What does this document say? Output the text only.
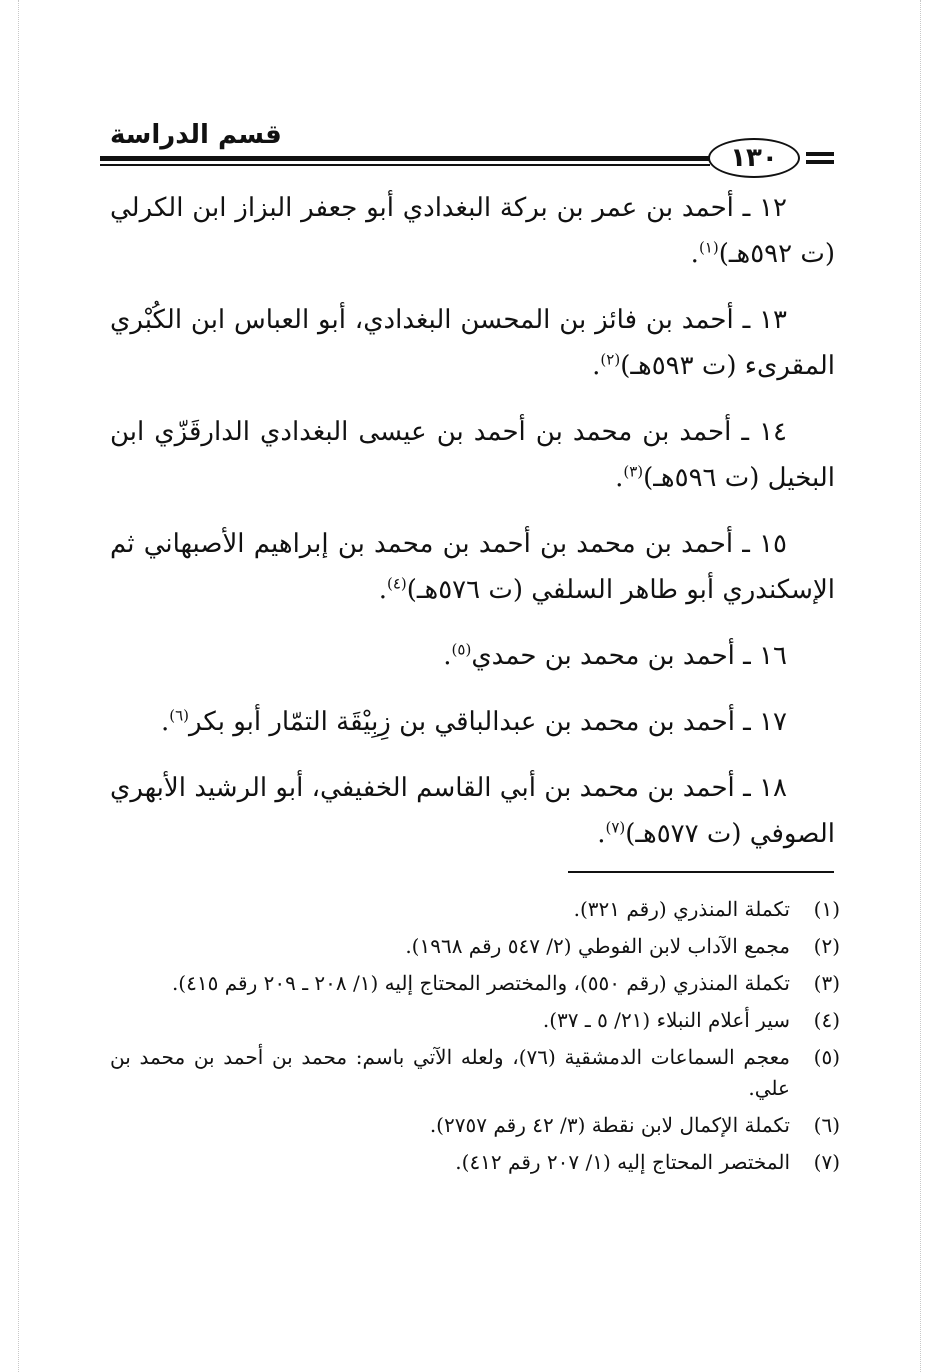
قسم الدراسة
١٣٠

١٢ ـ أحمد بن عمر بن بركة البغدادي أبو جعفر البزاز ابن الكرلي (ت ٥٩٢هـ)$^{(١)}$.

١٣ ـ أحمد بن فائز بن المحسن البغدادي، أبو العباس ابن الكُبْري المقرىء (ت ٥٩٣هـ)$^{(٢)}$.

١٤ ـ أحمد بن محمد بن أحمد بن عيسى البغدادي الدارقَزّي ابن البخيل (ت ٥٩٦هـ)$^{(٣)}$.

١٥ ـ أحمد بن محمد بن أحمد بن محمد بن إبراهيم الأصبهاني ثم الإسكندري أبو طاهر السلفي (ت ٥٧٦هـ)$^{(٤)}$.

١٦ ـ أحمد بن محمد بن حمدي$^{(٥)}$.

١٧ ـ أحمد بن محمد بن عبدالباقي بن زِبِيْقَة التمّار أبو بكر$^{(٦)}$.

١٨ ـ أحمد بن محمد بن أبي القاسم الخفيفي، أبو الرشيد الأبهري الصوفي (ت ٥٧٧هـ)$^{(٧)}$.

(١)
تكملة المنذري (رقم ٣٢١).
(٢)
مجمع الآداب لابن الفوطي (٢/ ٥٤٧ رقم ١٩٦٨).
(٣)
تكملة المنذري (رقم ٥٥٠)، والمختصر المحتاج إليه (١/ ٢٠٨ ـ ٢٠٩ رقم ٤١٥).
(٤)
سير أعلام النبلاء (٢١/ ٥ ـ ٣٧).
(٥)
معجم السماعات الدمشقية (٧٦)، ولعله الآتي باسم: محمد بن أحمد بن محمد بن علي.
(٦)
تكملة الإكمال لابن نقطة (٣/ ٤٢ رقم ٢٧٥٧).
(٧)
المختصر المحتاج إليه (١/ ٢٠٧ رقم ٤١٢).
